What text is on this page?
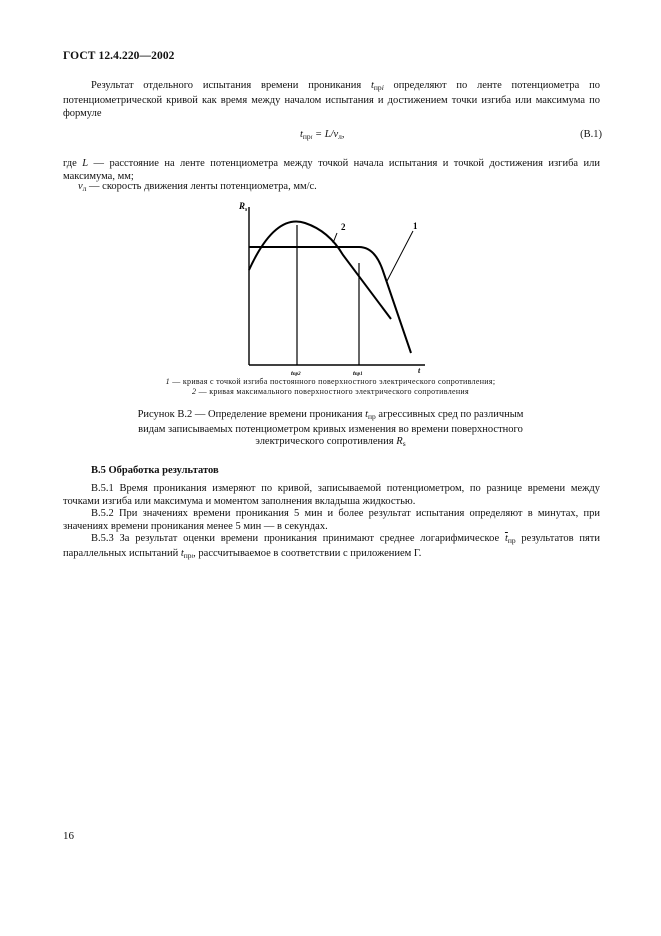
ГОСТ 12.4.220—2002
Результат отдельного испытания времени проникания $t_{прi}$ определяют по ленте потенциометра по потенциометрической кривой как время между началом испытания и достижением точки изгиба или максимума по формуле
$t_{прi} = L/v_л$,	(В.1)
где L — расстояние на ленте потенциометра между точкой начала испытания и точкой достижения изгиба или максимума, мм;
$v_л$ — скорость движения ленты потенциометра, мм/с.
$R_s$
t
tпр2	tпр1
2	1
1 — кривая с точкой изгиба постоянного поверхностного электрического сопротивления;
2 — кривая максимального поверхностного электрического сопротивления
Рисунок В.2 — Определение времени проникания $t_{пр}$ агрессивных сред по различным видам записываемых потенциометром кривых изменения во времени поверхностного электрического сопротивления $R_s$
В.5 Обработка результатов
В.5.1 Время проникания измеряют по кривой, записываемой потенциометром, по разнице времени между точками изгиба или максимума и моментом заполнения вкладыша жидкостью.
В.5.2 При значениях времени проникания 5 мин и более результат испытания определяют в минутах, при значениях времени проникания менее 5 мин — в секундах.
В.5.3 За результат оценки времени проникания принимают среднее логарифмическое $\overline{t}_{пр}$ результатов пяти параллельных испытаний $t_{прi}$, рассчитываемое в соответствии с приложением Г.
16
